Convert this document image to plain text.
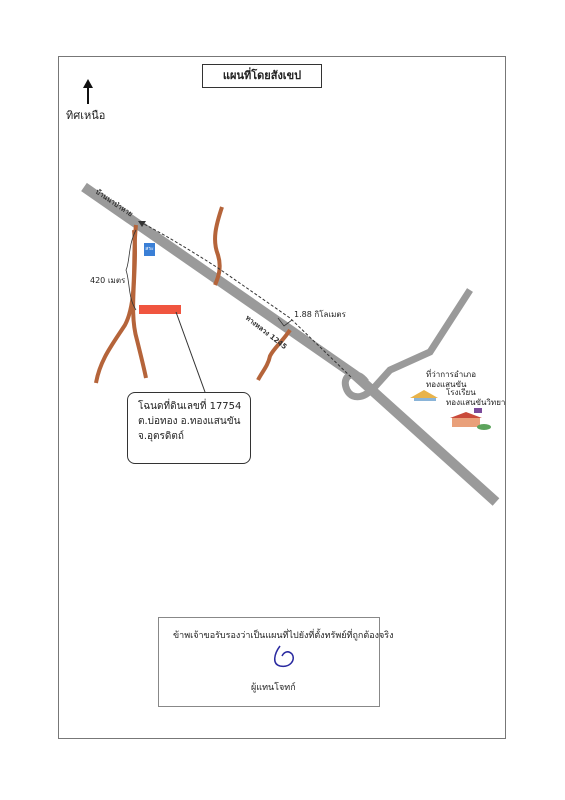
แผนที่โดยสังเขป
ทิศเหนือ
สระ
บ้านนาป่าหาย
ทางหลวง 1245
420 เมตร
1.88 กิโลเมตร
โฉนดที่ดินเลขที่ 17754
ต.บ่อทอง อ.ทองแสนขัน
จ.อุตรดิตถ์
ที่ว่าการอำเภอ
ทองแสนขัน
โรงเรียน
ทองแสนขันวิทยา
ข้าพเจ้าขอรับรองว่าเป็นแผนที่ไปยังที่ตั้งทรัพย์ที่ถูกต้องจริง
ผู้แทนโจทก์
